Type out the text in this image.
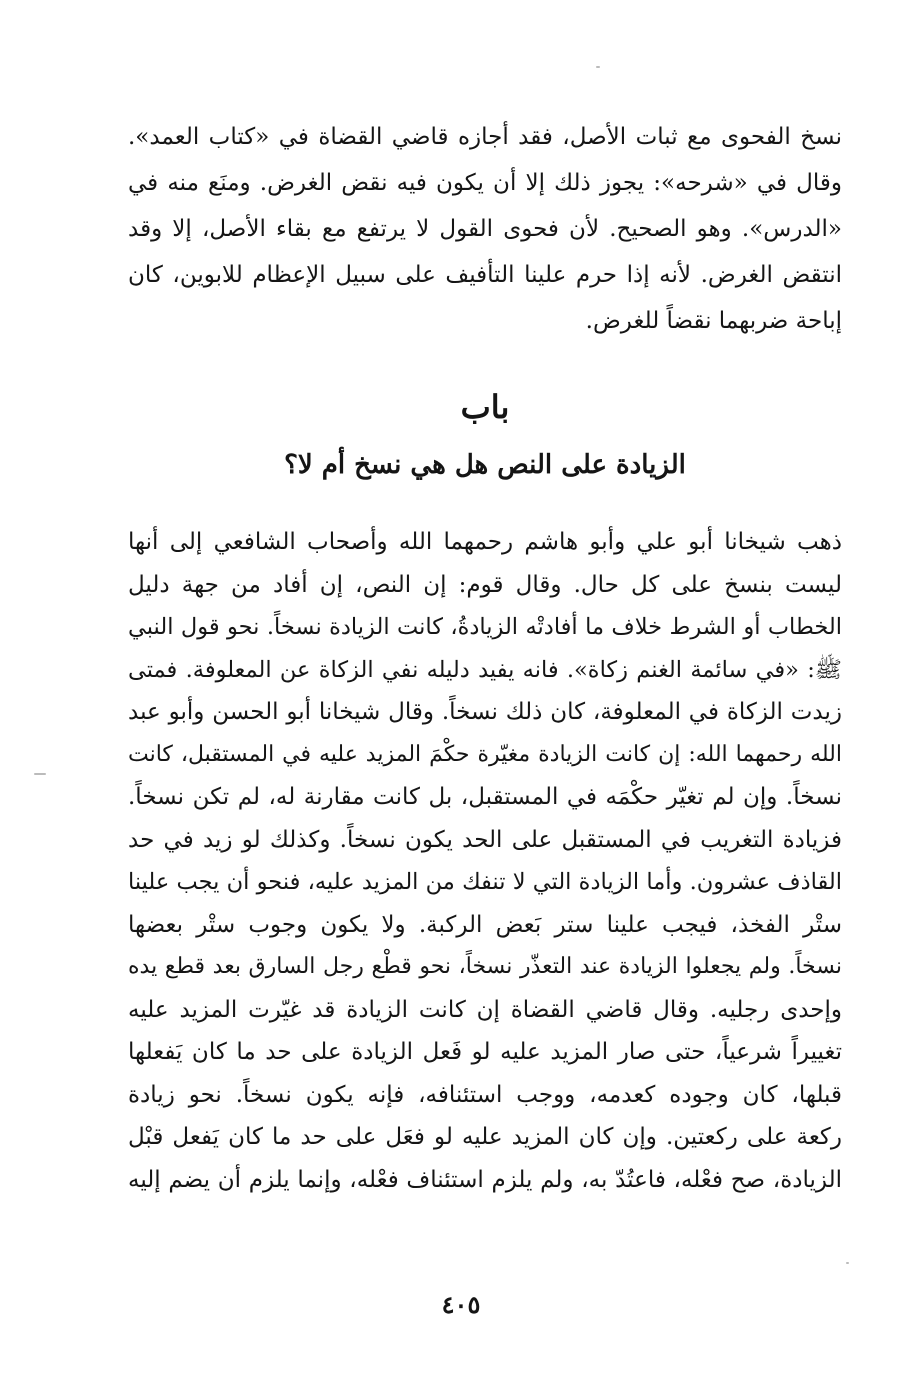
نسخ الفحوى مع ثبات الأصل، فقد أجازه قاضي القضاة في «كتاب العمد».
وقال في «شرحه»: يجوز ذلك إلا أن يكون فيه نقض الغرض. ومنَع منه في
«الدرس». وهو الصحيح. لأن فحوى القول لا يرتفع مع بقاء الأصل، إلا وقد
انتقض الغرض. لأنه إذا حرم علينا التأفيف على سبيل الإعظام للابوين، كان
إباحة ضربهما نقضاً للغرض.
باب
الزيادة على النص هل هي نسخ أم لا؟
ذهب شيخانا أبو علي وأبو هاشم رحمهما الله وأصحاب الشافعي إلى أنها
ليست بنسخ على كل حال. وقال قوم: إن النص، إن أفاد من جهة دليل
الخطاب أو الشرط خلاف ما أفادتْه الزيادةُ، كانت الزيادة نسخاً. نحو قول النبي
ﷺ: «في سائمة الغنم زكاة». فانه يفيد دليله نفي الزكاة عن المعلوفة. فمتى
زيدت الزكاة في المعلوفة، كان ذلك نسخاً. وقال شيخانا أبو الحسن وأبو عبد
الله رحمهما الله: إن كانت الزيادة مغيّرة حكْمَ المزيد عليه في المستقبل، كانت
نسخاً. وإن لم تغيّر حكْمَه في المستقبل، بل كانت مقارنة له، لم تكن نسخاً.
فزيادة التغريب في المستقبل على الحد يكون نسخاً. وكذلك لو زيد في حد
القاذف عشرون. وأما الزيادة التي لا تنفك من المزيد عليه، فنحو أن يجب علينا
ستْر الفخذ، فيجب علينا ستر بَعض الركبة. ولا يكون وجوب ستْر بعضها
نسخاً. ولم يجعلوا الزيادة عند التعذّر نسخاً، نحو قطْع رجل السارق بعد قطع يده
وإحدى رجليه. وقال قاضي القضاة إن كانت الزيادة قد غيّرت المزيد عليه
تغييراً شرعياً، حتى صار المزيد عليه لو فَعل الزيادة على حد ما كان يَفعلها
قبلها، كان وجوده كعدمه، ووجب استئنافه، فإنه يكون نسخاً. نحو زيادة
ركعة على ركعتين. وإن كان المزيد عليه لو فعَل على حد ما كان يَفعل قبْل
الزيادة، صح فعْله، فاعتُدّ به، ولم يلزم استئناف فعْله، وإنما يلزم أن يضم إليه
٤٠٥
